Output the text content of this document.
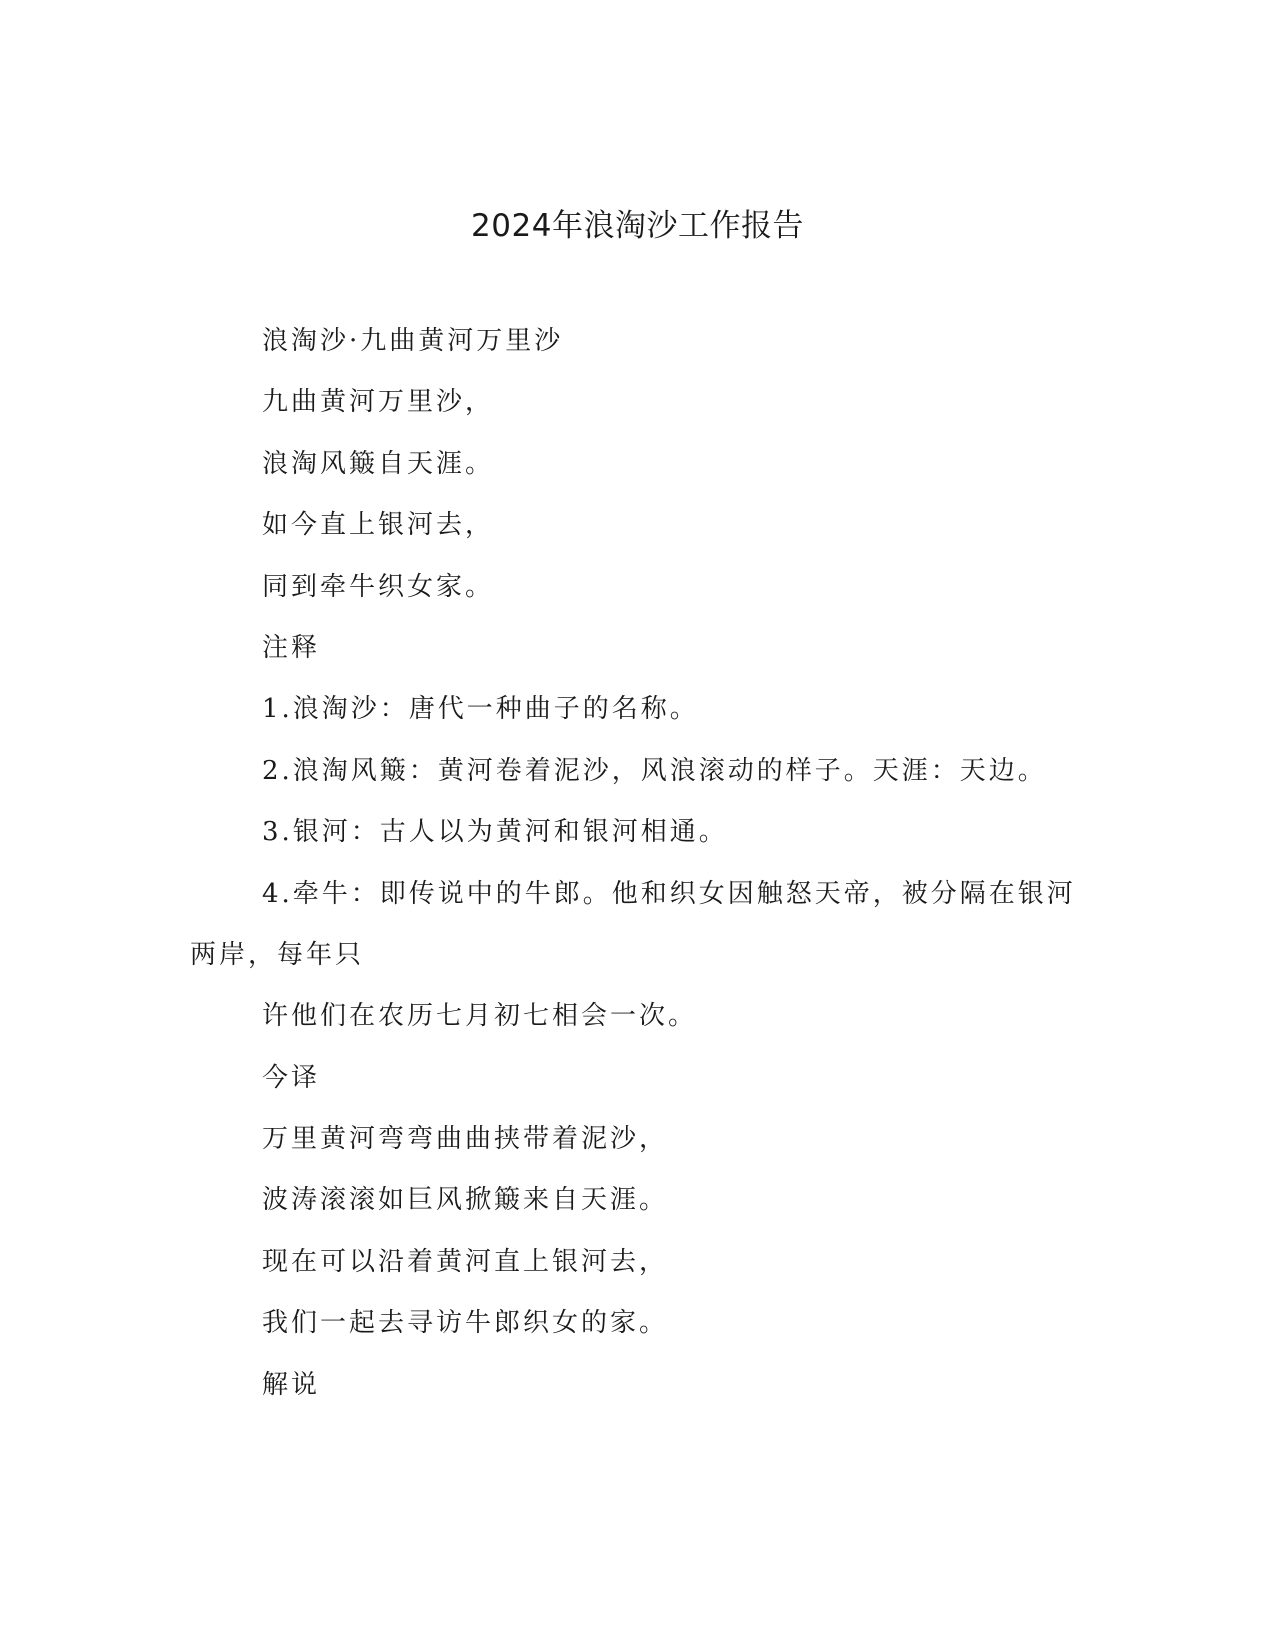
2024年浪淘沙工作报告

浪淘沙·九曲黄河万里沙

九曲黄河万里沙，

浪淘风簸自天涯。

如今直上银河去，

同到牵牛织女家。

注释

1.浪淘沙：唐代一种曲子的名称。

2.浪淘风簸：黄河卷着泥沙，风浪滚动的样子。天涯：天边。

3.银河：古人以为黄河和银河相通。

4.牵牛：即传说中的牛郎。他和织女因触怒天帝，被分隔在银河

两岸，每年只

许他们在农历七月初七相会一次。

今译

万里黄河弯弯曲曲挟带着泥沙，

波涛滚滚如巨风掀簸来自天涯。

现在可以沿着黄河直上银河去，

我们一起去寻访牛郎织女的家。

解说
